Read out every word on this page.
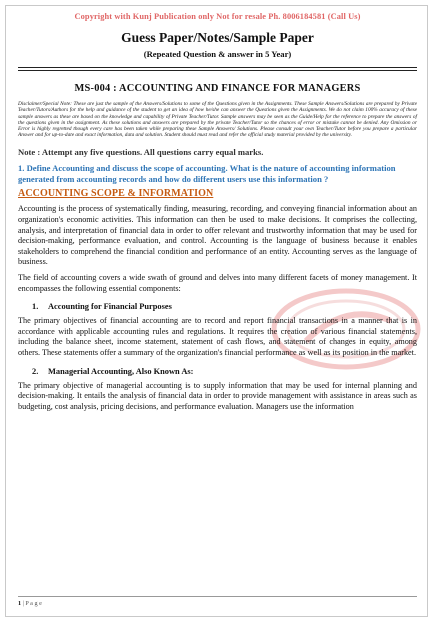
Copyright with Kunj Publication only Not for resale Ph. 8006184581 (Call Us)
Guess Paper/Notes/Sample Paper
(Repeated Question & answer in 5 Year)
MS-004 : ACCOUNTING AND FINANCE FOR MANAGERS
Disclaimer/Special Note: These are just the sample of the Answers/Solutions to some of the Questions given in the Assignments. These Sample Answers/Solutions are prepared by Private Teacher/Tutors/Authors for the help and guidance of the student to get an idea of how he/she can answer the Questions given the Assignments. We do not claim 100% accuracy of these sample answers as these are based on the knowledge and capability of Private Teacher/Tutor. Sample answers may be seen as the Guide/Help for the reference to prepare the answers of the questions given in the assignment. As these solutions and answers are prepared by the private Teacher/Tutor so the chances of error or mistake cannot be denied. Any Omission or Error is highly regretted though every care has been taken while preparing these Sample Answers/ Solutions. Please consult your own Teacher/Tutor before you prepare a particular Answer and for up-to-date and exact information, data and solution. Student should must read and refer the official study material provided by the university.
Note : Attempt any five questions. All questions carry equal marks.
1. Define Accounting and discuss the scope of accounting. What is the nature of accounting information generated from accounting records and how do different users use this information ?
ACCOUNTING SCOPE & INFORMATION
Accounting is the process of systematically finding, measuring, recording, and conveying financial information about an organization's economic activities. This information can then be used to make decisions. It comprises the collecting, analysis, and interpretation of financial data in order to offer relevant and trustworthy information that may be used for decision-making, performance evaluation, and control. Accounting is the language of business because it enables stakeholders to comprehend the financial condition and performance of an entity. Accounting serves as the language of business.
The field of accounting covers a wide swath of ground and delves into many different facets of money management. It encompasses the following essential components:
1. Accounting for Financial Purposes
The primary objectives of financial accounting are to record and report financial transactions in a manner that is in accordance with applicable accounting rules and regulations. It requires the creation of various financial statements, including the balance sheet, income statement, statement of cash flows, and statement of changes in equity, among others. These statements offer a summary of the organization's financial performance as well as its position in the market.
2. Managerial Accounting, Also Known As:
The primary objective of managerial accounting is to supply information that may be used for internal planning and decision-making. It entails the analysis of financial data in order to provide management with assistance in areas such as budgeting, cost analysis, pricing decisions, and performance evaluation. Managers use the information
1 | P a g e
